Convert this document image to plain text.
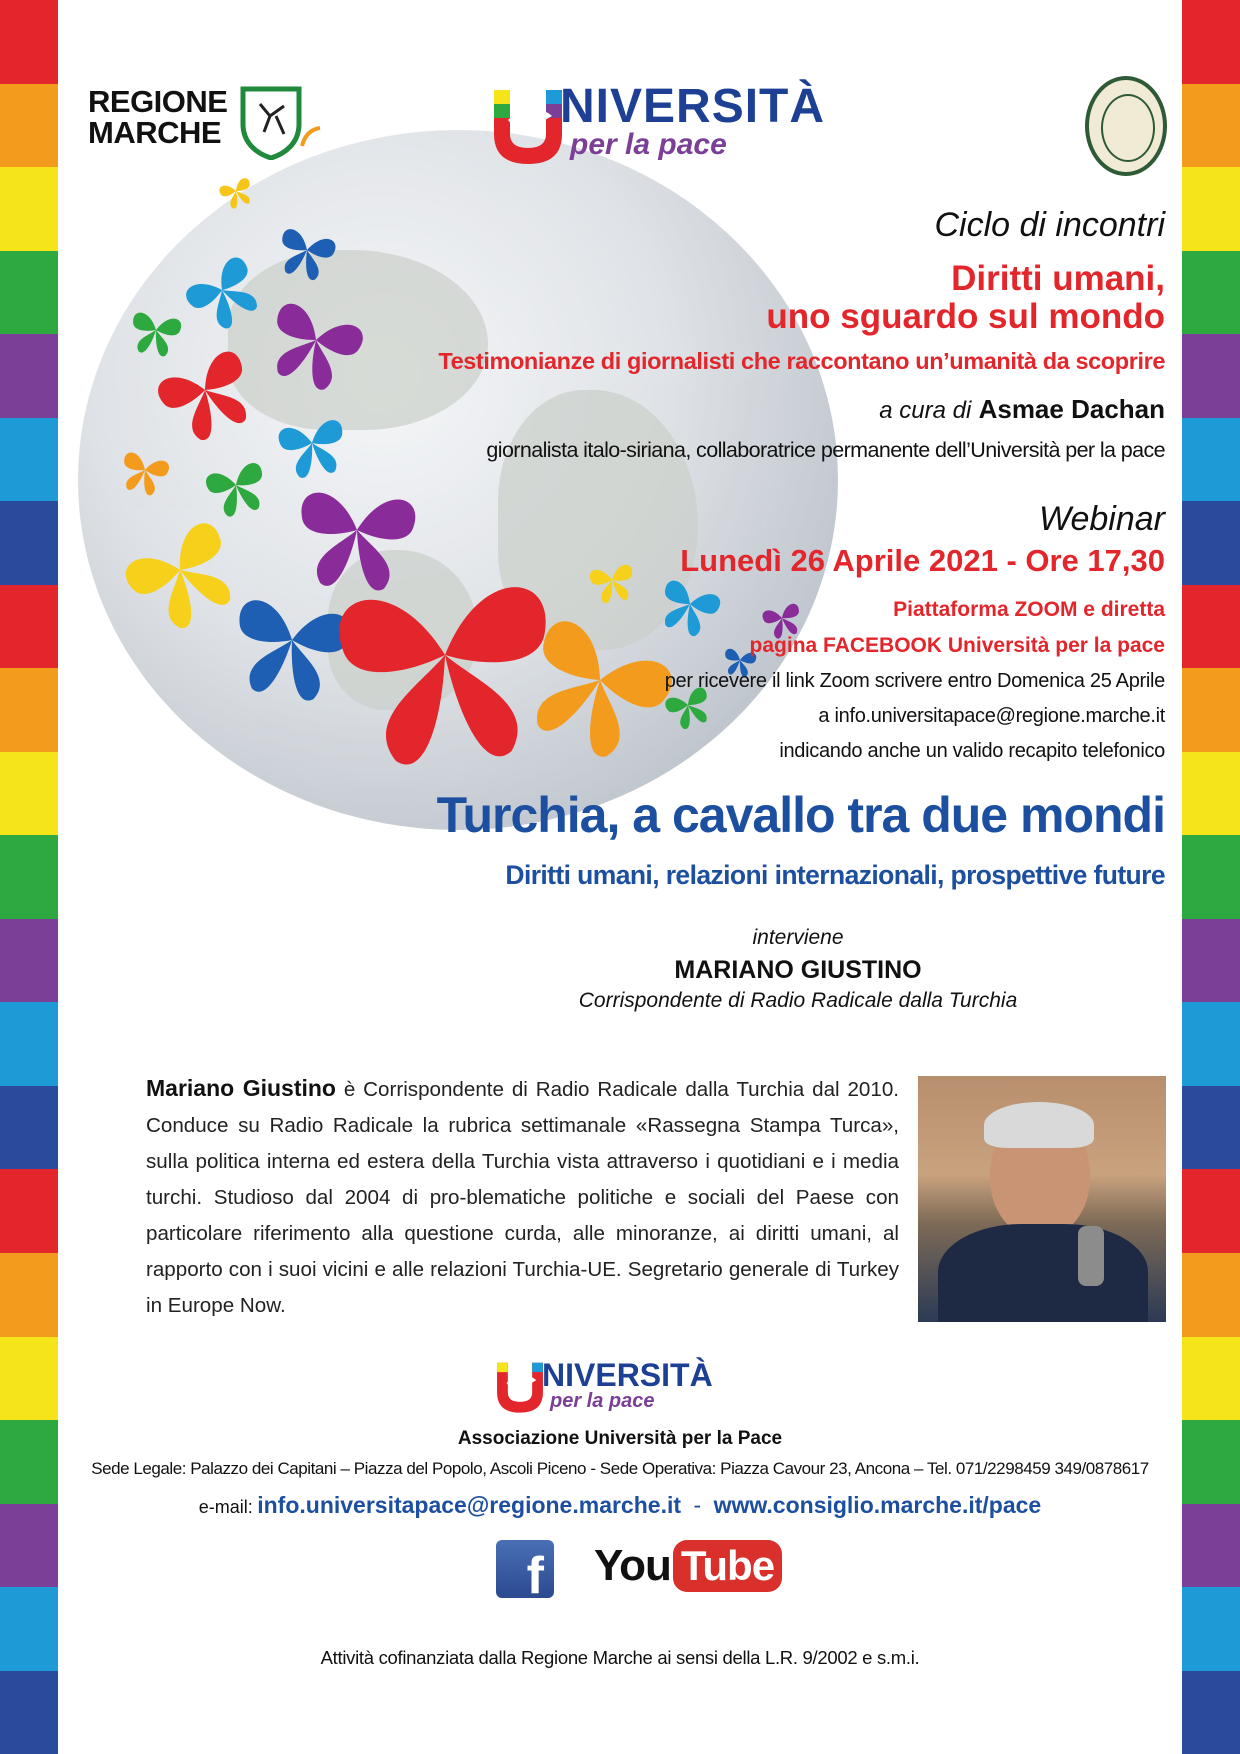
REGIONE
MARCHE	NIVERSITÀ
per la pace
Ciclo di incontri
Diritti umani,
uno sguardo sul mondo
Testimonianze di giornalisti che raccontano un’umanità da scoprire
a cura di Asmae Dachan
giornalista italo-siriana, collaboratrice permanente dell’Università per la pace
Webinar
Lunedì 26 Aprile 2021 - Ore 17,30
Piattaforma ZOOM e diretta
pagina FACEBOOK Università per la pace
per ricevere il link Zoom scrivere entro Domenica 25 Aprile
a info.universitapace@regione.marche.it
indicando anche un valido recapito telefonico
Turchia, a cavallo tra due mondi
Diritti umani, relazioni internazionali, prospettive future
interviene
MARIANO GIUSTINO
Corrispondente di Radio Radicale dalla Turchia
Mariano Giustino è Corrispondente di Radio Radicale dalla Turchia dal 2010. Conduce su Radio Radicale la rubrica settimanale «Rassegna Stampa Turca», sulla politica interna ed estera della Turchia vista attraverso i quotidiani e i media turchi. Studioso dal 2004 di pro-blematiche politiche e sociali del Paese con particolare riferimento alla questione curda, alle minoranze, ai diritti umani, al rapporto con i suoi vicini e alle relazioni Turchia-UE. Segretario generale di Turkey in Europe Now.
NIVERSITÀ
per la pace
Associazione Università per la Pace
Sede Legale: Palazzo dei Capitani – Piazza del Popolo, Ascoli Piceno - Sede Operativa: Piazza Cavour 23, Ancona – Tel. 071/2298459 349/0878617
e-mail: info.universitapace@regione.marche.it - www.consiglio.marche.it/pace
f You Tube
Attività cofinanziata dalla Regione Marche ai sensi della L.R. 9/2002 e s.m.i.
